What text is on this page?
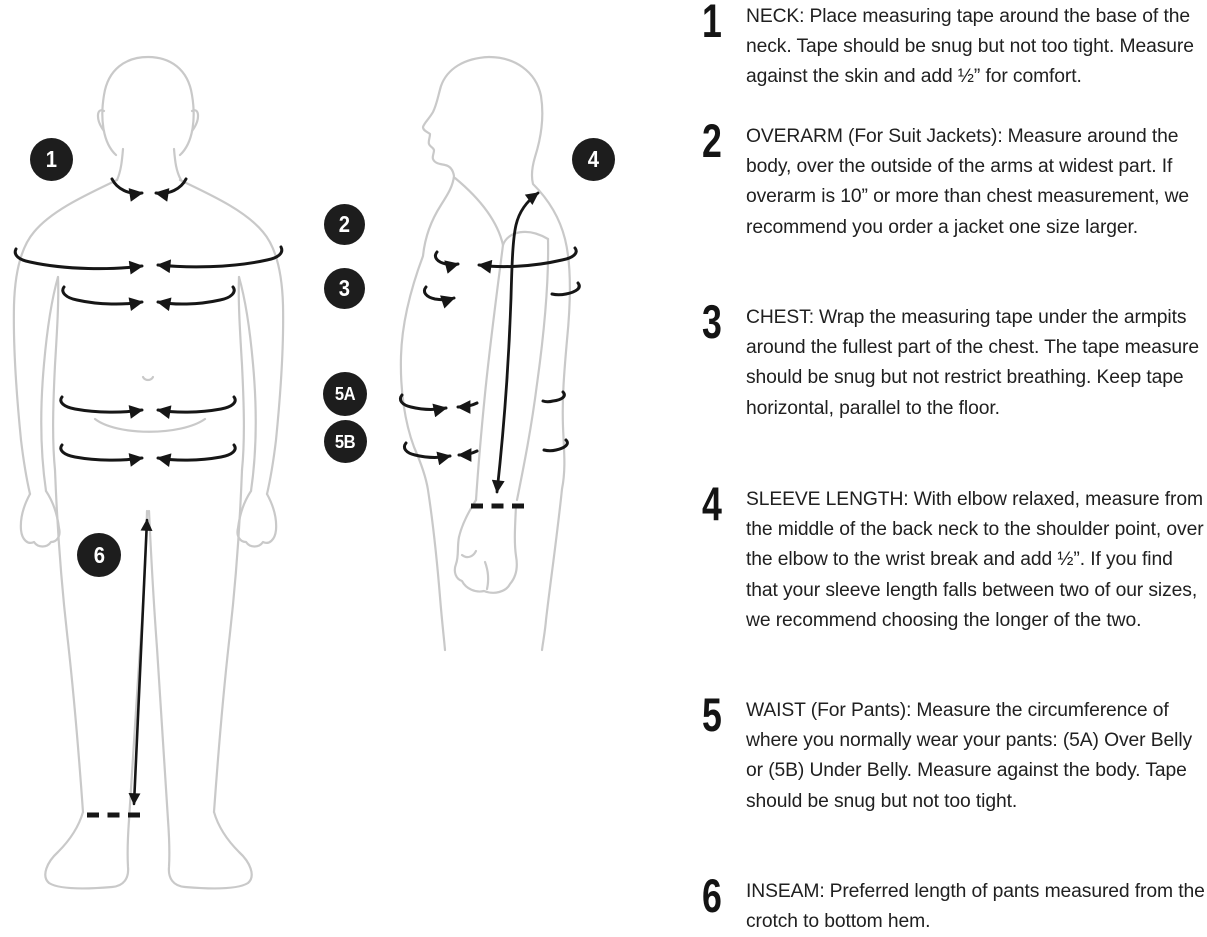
1
2
3
4
5A
5B
6
1	NECK: Place measuring tape around the base of the neck. Tape should be snug but not too tight. Measure against the skin and add ½” for comfort.

2	OVERARM (For Suit Jackets): Measure around the body, over the outside of the arms at widest part. If overarm is 10” or more than chest measurement, we recommend you order a jacket one size larger.

3	CHEST: Wrap the measuring tape under the armpits around the fullest part of the chest. The tape measure should be snug but not restrict breathing. Keep tape horizontal, parallel to the floor.

4	SLEEVE LENGTH: With elbow relaxed, measure from the middle of the back neck to the shoulder point, over the elbow to the wrist break and add ½”. If you find that your sleeve length falls between two of our sizes, we recommend choosing the longer of the two.

5	WAIST (For Pants): Measure the circumference of where you normally wear your pants: (5A) Over Belly or (5B) Under Belly. Measure against the body. Tape should be snug but not too tight.

6	INSEAM: Preferred length of pants measured from the crotch to bottom hem.
